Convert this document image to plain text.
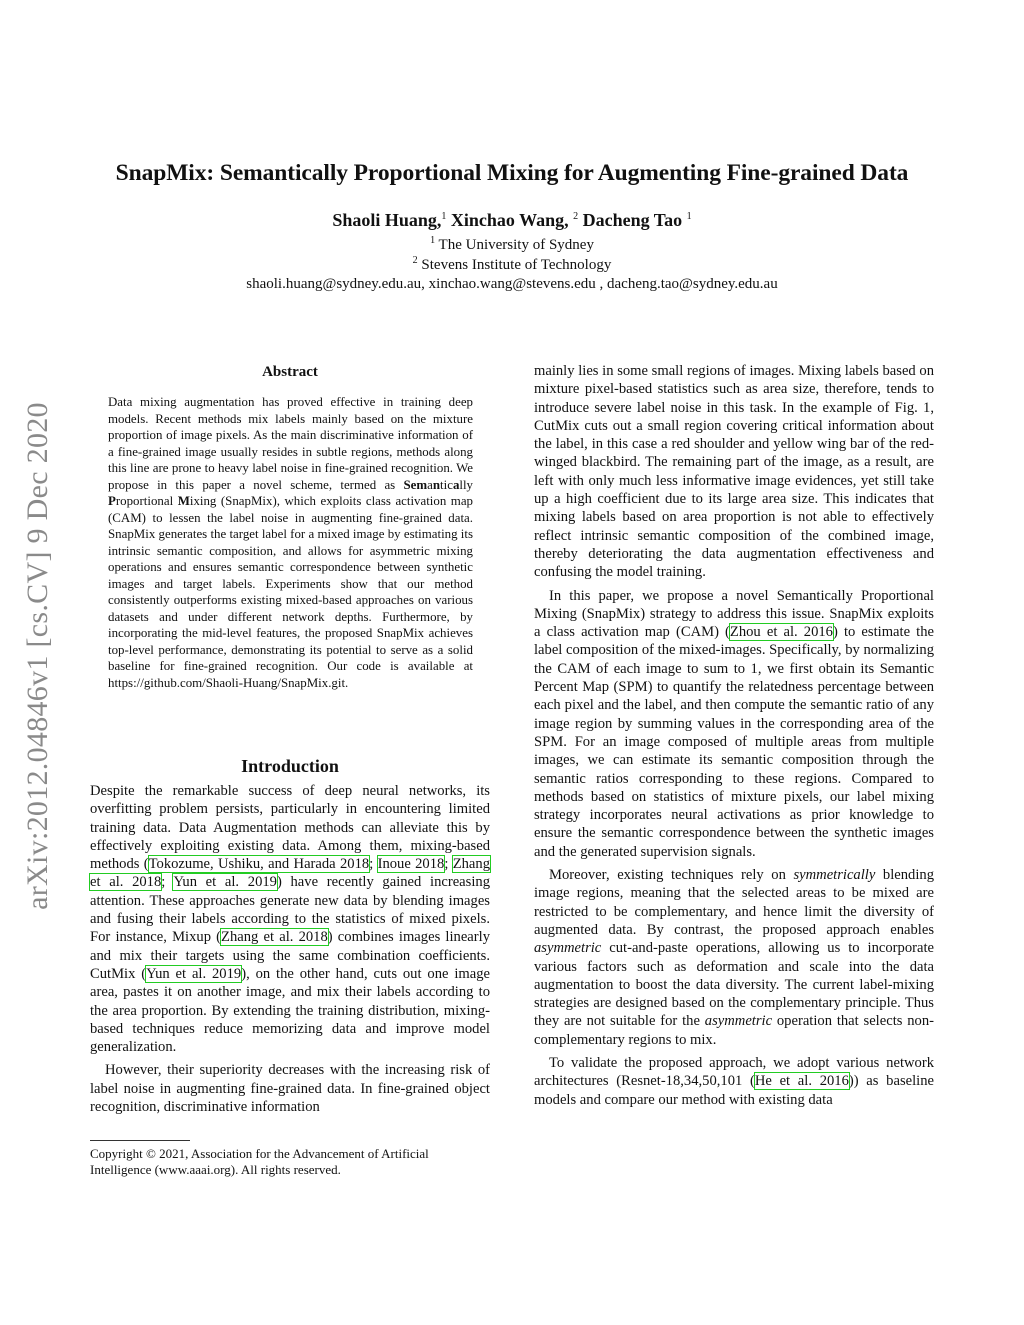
SnapMix: Semantically Proportional Mixing for Augmenting Fine-grained Data
Shaoli Huang,$^1$ Xinchao Wang, $^2$ Dacheng Tao $^1$
$^1$ The University of Sydney
$^2$ Stevens Institute of Technology
shaoli.huang@sydney.edu.au, xinchao.wang@stevens.edu , dacheng.tao@sydney.edu.au
arXiv:2012.04846v1 [cs.CV] 9 Dec 2020
Abstract
Data mixing augmentation has proved effective in training deep models. Recent methods mix labels mainly based on the mixture proportion of image pixels. As the main discriminative information of a fine-grained image usually resides in subtle regions, methods along this line are prone to heavy label noise in fine-grained recognition. We propose in this paper a novel scheme, termed as Semantically Proportional Mixing (SnapMix), which exploits class activation map (CAM) to lessen the label noise in augmenting fine-grained data. SnapMix generates the target label for a mixed image by estimating its intrinsic semantic composition, and allows for asymmetric mixing operations and ensures semantic correspondence between synthetic images and target labels. Experiments show that our method consistently outperforms existing mixed-based approaches on various datasets and under different network depths. Furthermore, by incorporating the mid-level features, the proposed SnapMix achieves top-level performance, demonstrating its potential to serve as a solid baseline for fine-grained recognition. Our code is available at https://github.com/Shaoli-Huang/SnapMix.git.
Introduction

Despite the remarkable success of deep neural networks, its overfitting problem persists, particularly in encountering limited training data. Data Augmentation methods can alleviate this by effectively exploiting existing data. Among them, mixing-based methods (Tokozume, Ushiku, and Harada 2018; Inoue 2018; Zhang et al. 2018; Yun et al. 2019) have recently gained increasing attention. These approaches generate new data by blending images and fusing their labels according to the statistics of mixed pixels. For instance, Mixup (Zhang et al. 2018) combines images linearly and mix their targets using the same combination coefficients. CutMix (Yun et al. 2019), on the other hand, cuts out one image area, pastes it on another image, and mix their labels according to the area proportion. By extending the training distribution, mixing-based techniques reduce memorizing data and improve model generalization.

However, their superiority decreases with the increasing risk of label noise in augmenting fine-grained data. In fine-grained object recognition, discriminative information

Copyright © 2021, Association for the Advancement of Artificial Intelligence (www.aaai.org). All rights reserved.

mainly lies in some small regions of images. Mixing labels based on mixture pixel-based statistics such as area size, therefore, tends to introduce severe label noise in this task. In the example of Fig. 1, CutMix cuts out a small region covering critical information about the label, in this case a red shoulder and yellow wing bar of the red-winged blackbird. The remaining part of the image, as a result, are left with only much less informative image evidences, yet still take up a high coefficient due to its large area size. This indicates that mixing labels based on area proportion is not able to effectively reflect intrinsic semantic composition of the combined image, thereby deteriorating the data augmentation effectiveness and confusing the model training.

In this paper, we propose a novel Semantically Proportional Mixing (SnapMix) strategy to address this issue. SnapMix exploits a class activation map (CAM) (Zhou et al. 2016) to estimate the label composition of the mixed-images. Specifically, by normalizing the CAM of each image to sum to 1, we first obtain its Semantic Percent Map (SPM) to quantify the relatedness percentage between each pixel and the label, and then compute the semantic ratio of any image region by summing values in the corresponding area of the SPM. For an image composed of multiple areas from multiple images, we can estimate its semantic composition through the semantic ratios corresponding to these regions. Compared to methods based on statistics of mixture pixels, our label mixing strategy incorporates neural activations as prior knowledge to ensure the semantic correspondence between the synthetic images and the generated supervision signals.

Moreover, existing techniques rely on symmetrically blending image regions, meaning that the selected areas to be mixed are restricted to be complementary, and hence limit the diversity of augmented data. By contrast, the proposed approach enables asymmetric cut-and-paste operations, allowing us to incorporate various factors such as deformation and scale into the data augmentation to boost the data diversity. The current label-mixing strategies are designed based on the complementary principle. Thus they are not suitable for the asymmetric operation that selects non-complementary regions to mix.

To validate the proposed approach, we adopt various network architectures (Resnet-18,34,50,101 (He et al. 2016)) as baseline models and compare our method with existing data
